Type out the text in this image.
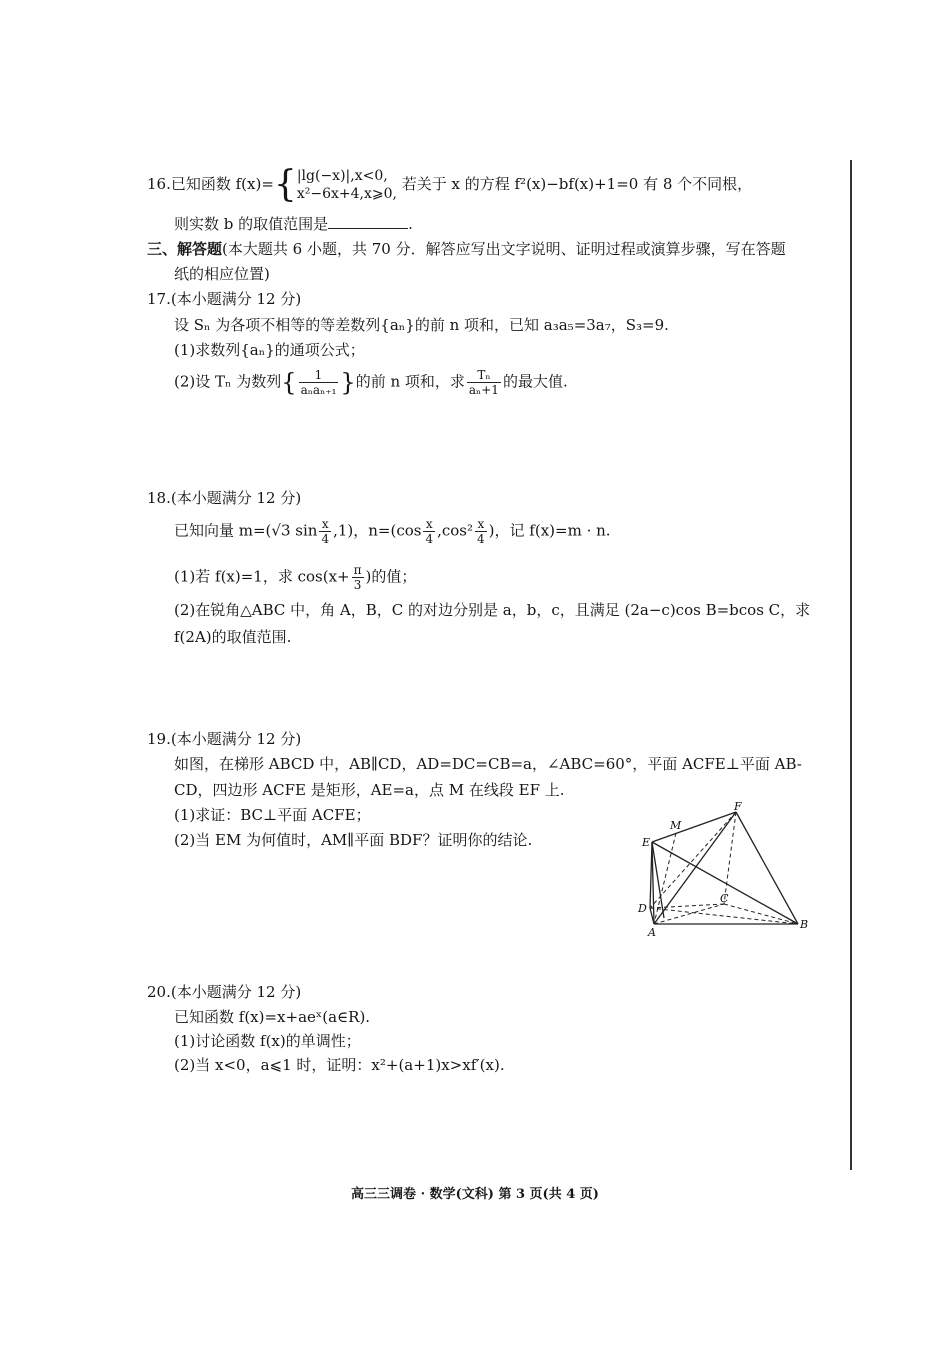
16.已知函数 f(x)={ |lg(−x)|,x<0,
x²−6x+4,x⩾0,
若关于 x 的方程 f²(x)−bf(x)+1=0 有 8 个不同根，
则实数 b 的取值范围是	.
三、解答题(本大题共 6 小题，共 70 分．解答应写出文字说明、证明过程或演算步骤，写在答题
纸的相应位置)
17.(本小题满分 12 分)
设 Sₙ 为各项不相等的等差数列{aₙ}的前 n 项和，已知 a₃a₅=3a₇，S₃=9.
(1)求数列{aₙ}的通项公式；
(2)设 Tₙ 为数列{ $\frac{1}{\text{aₙaₙ₊₁}}$ }的前 n 项和，求 $\frac{\text{Tₙ}}{\text{aₙ+1}}$ 的最大值.
18.(本小题满分 12 分)
已知向量 m=(√3 $\sin \frac{x}{4} ,1$)，$n=(\cos \frac{x}{4} ,\cos^2 \frac{x}{4}$ )，记 f(x)=m · n.
(1)若 f(x)=1，求 $\cos(x+ \frac{\pi}{3}$ )的值；
(2)在锐角△ABC 中，角 A，B，C 的对边分别是 a，b，c，且满足 (2a−c)cos B=bcos C，求
f(2A)的取值范围.
19.(本小题满分 12 分)
如图，在梯形 ABCD 中，AB∥CD，AD=DC=CB=a，∠ABC=60°，平面 ACFE⊥平面 AB-
CD，四边形 ACFE 是矩形，AE=a，点 M 在线段 EF 上.
(1)求证：BC⊥平面 ACFE；
(2)当 EM 为何值时，AM∥平面 BDF？证明你的结论.
M
F
E
C
D
A
B
20.(本小题满分 12 分)
已知函数 f(x)=x+aeˣ(a∈R).
(1)讨论函数 f(x)的单调性；
(2)当 x<0，a⩽1 时，证明：x²+(a+1)x>xf′(x).
高三三调卷 · 数学(文科) 第 3 页(共 4 页)
